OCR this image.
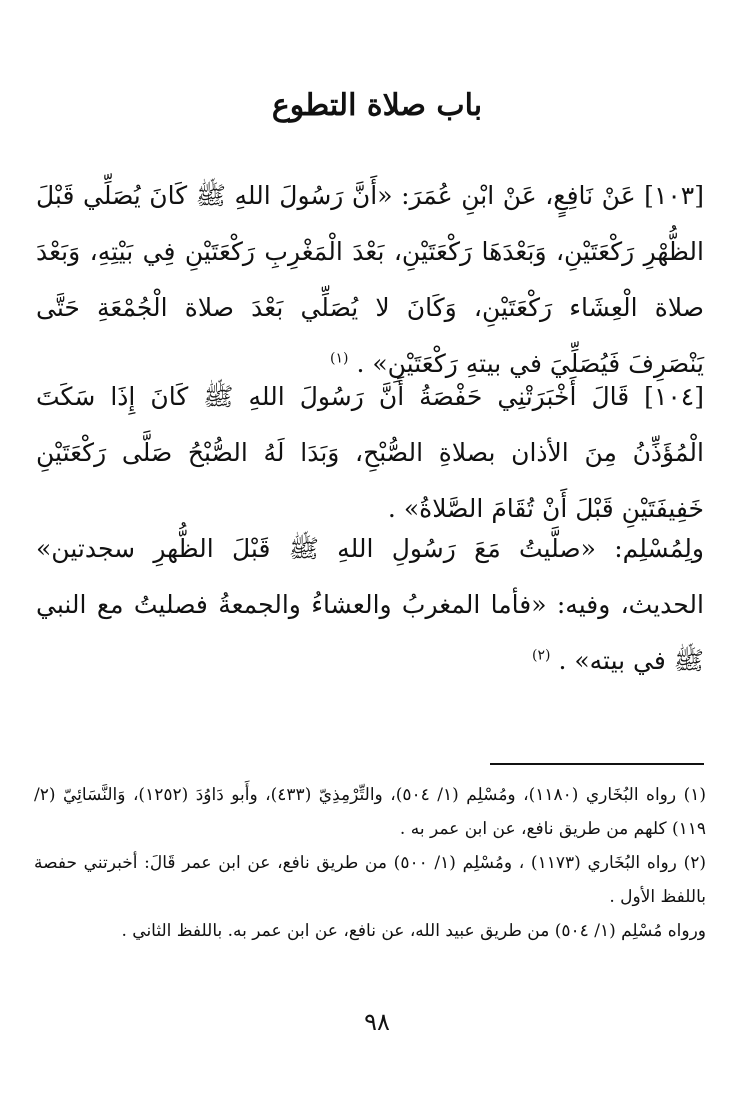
باب صلاة التطوع

[١٠٣] عَنْ نَافِعٍ، عَنْ ابْنِ عُمَرَ: «أَنَّ رَسُولَ اللهِ ﷺ كَانَ يُصَلِّي قَبْلَ الظُّهْرِ رَكْعَتَيْنِ، وَبَعْدَهَا رَكْعَتَيْنِ، بَعْدَ الْمَغْرِبِ رَكْعَتَيْنِ فِي بَيْتِهِ، وَبَعْدَ صلاة الْعِشَاء رَكْعَتَيْنِ، وَكَانَ لا يُصَلِّي بَعْدَ صلاة الْجُمْعَةِ حَتَّى يَنْصَرِفَ فَيُصَلِّيَ في بيتهِ رَكْعَتَيْنِ» . $^{(١)}$

[١٠٤] قَالَ أَخْبَرَتْنِي حَفْصَةُ أَنَّ رَسُولَ اللهِ ﷺ كَانَ إِذَا سَكَتَ الْمُؤَذِّنُ مِنَ الأذان بصلاةِ الصُّبْحِ، وَبَدَا لَهُ الصُّبْحُ صَلَّى رَكْعَتَيْنِ خَفِيفَتَيْنِ قَبْلَ أَنْ تُقَامَ الصَّلاةُ» .

ولِمُسْلِم: «صلَّيتُ مَعَ رَسُولِ اللهِ ﷺ قَبْلَ الظُّهرِ سجدتين» الحديث، وفيه: «فأما المغربُ والعشاءُ والجمعةُ فصليتُ مع النبي ﷺ في بيته» . $^{(٢)}$

(١) رواه البُخَاري (١١٨٠)، ومُسْلِم (١/ ٥٠٤)، والتِّرْمِذِيّ (٤٣٣)، وأَبو دَاوُدَ (١٢٥٢)، وَالنَّسَائِيّ (٢/ ١١٩) كلهم من طريق نافع، عن ابن عمر به .

(٢) رواه البُخَاري (١١٧٣) ، ومُسْلِم (١/ ٥٠٠) من طريق نافع، عن ابن عمر قَالَ: أخبرتني حفصة باللفظ الأول .

ورواه مُسْلِم (١/ ٥٠٤) من طريق عبيد الله، عن نافع، عن ابن عمر به. باللفظ الثاني .

٩٨
